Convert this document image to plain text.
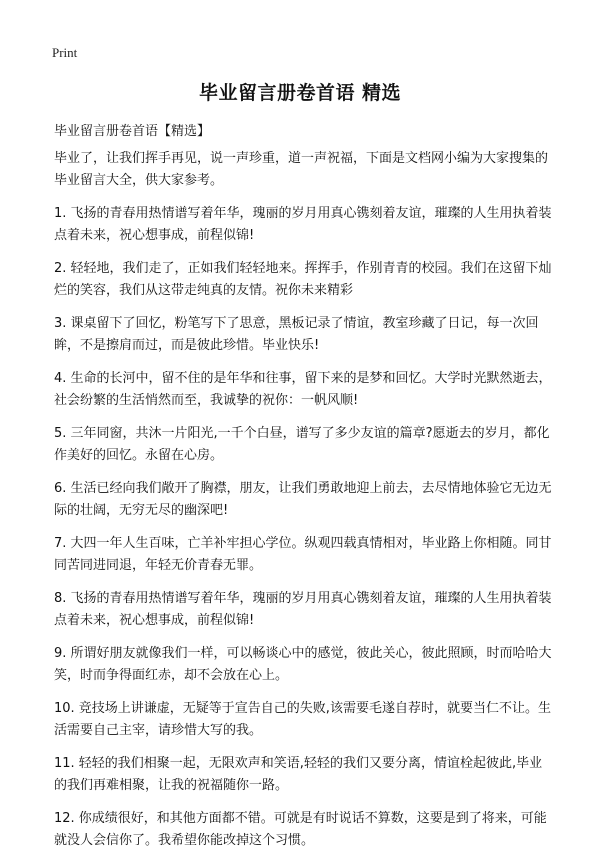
Print
毕业留言册卷首语 精选
毕业留言册卷首语【精选】

毕业了，让我们挥手再见，说一声珍重，道一声祝福，下面是文档网小编为大家搜集的毕业留言大全，供大家参考。

1. 飞扬的青春用热情谱写着年华，瑰丽的岁月用真心镌刻着友谊，璀璨的人生用执着装点着未来，祝心想事成，前程似锦!

2. 轻轻地，我们走了，正如我们轻轻地来。挥挥手，作别青青的校园。我们在这留下灿烂的笑容，我们从这带走纯真的友情。祝你未来精彩

3. 课桌留下了回忆，粉笔写下了思意，黑板记录了情谊，教室珍藏了日记，每一次回眸，不是擦肩而过，而是彼此珍惜。毕业快乐!

4. 生命的长河中，留不住的是年华和往事，留下来的是梦和回忆。大学时光默然逝去，社会纷繁的生活悄然而至，我诚挚的祝你：一帆风顺!

5. 三年同窗，共沐一片阳光,一千个白昼，谱写了多少友谊的篇章?愿逝去的岁月，都化作美好的回忆。永留在心房。

6. 生活已经向我们敞开了胸襟，朋友，让我们勇敢地迎上前去，去尽情地体验它无边无际的壮阔，无穷无尽的幽深吧!

7. 大四一年人生百味，亡羊补牢担心学位。纵观四载真情相对，毕业路上你相随。同甘同苦同进同退，年轻无价青春无罪。

8. 飞扬的青春用热情谱写着年华，瑰丽的岁月用真心镌刻着友谊，璀璨的人生用执着装点着未来，祝心想事成，前程似锦!

9. 所谓好朋友就像我们一样，可以畅谈心中的感觉，彼此关心，彼此照顾，时而哈哈大笑，时而争得面红赤，却不会放在心上。

10. 竞技场上讲谦虚，无疑等于宣告自己的失败,该需要毛遂自荐时，就要当仁不让。生活需要自己主宰，请珍惜大写的我。

11. 轻轻的我们相聚一起，无限欢声和笑语,轻轻的我们又要分离，情谊栓起彼此,毕业的我们再难相聚，让我的祝福随你一路。

12. 你成绩很好，和其他方面都不错。可就是有时说话不算数，这要是到了将来，可能就没人会信你了。我希望你能改掉这个习惯。
